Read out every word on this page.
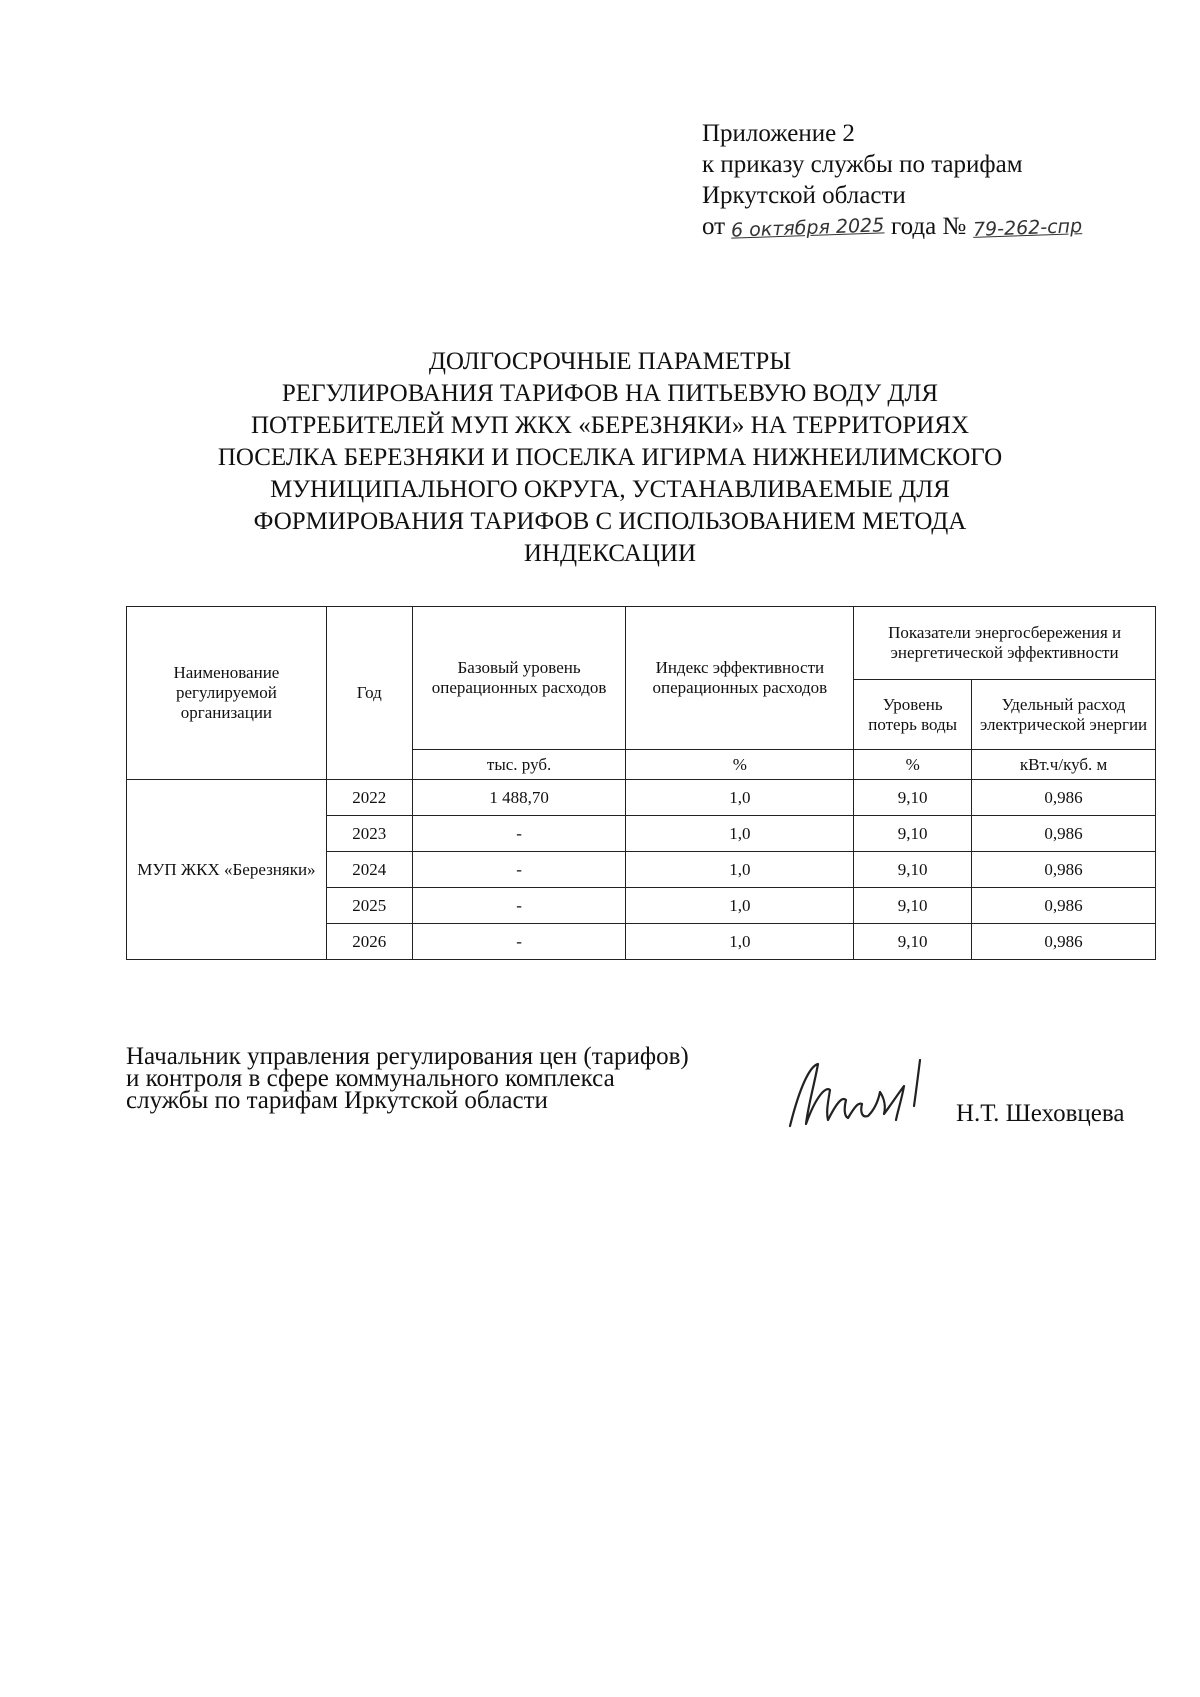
Приложение 2
к приказу службы по тарифам
Иркутской области
от 6 октября 2025 года № 79-262-спр
ДОЛГОСРОЧНЫЕ ПАРАМЕТРЫ
РЕГУЛИРОВАНИЯ ТАРИФОВ НА ПИТЬЕВУЮ ВОДУ ДЛЯ
ПОТРЕБИТЕЛЕЙ МУП ЖКХ «БЕРЕЗНЯКИ» НА ТЕРРИТОРИЯХ
ПОСЕЛКА БЕРЕЗНЯКИ И ПОСЕЛКА ИГИРМА НИЖНЕИЛИМСКОГО
МУНИЦИПАЛЬНОГО ОКРУГА, УСТАНАВЛИВАЕМЫЕ ДЛЯ
ФОРМИРОВАНИЯ ТАРИФОВ С ИСПОЛЬЗОВАНИЕМ МЕТОДА
ИНДЕКСАЦИИ
Наименование регулируемой организации	Год	Базовый уровень операционных расходов	Индекс эффективности операционных расходов	Показатели энергосбережения и энергетической эффективности	
				Уровень потерь воды	Удельный расход электрической энергии
		тыс. руб.	%	%	кВт.ч/куб. м
МУП ЖКХ «Березняки»	2022	1 488,70	1,0	9,10	0,986
	2023	-	1,0	9,10	0,986
	2024	-	1,0	9,10	0,986
	2025	-	1,0	9,10	0,986
	2026	-	1,0	9,10	0,986
Начальник управления регулирования цен (тарифов)
и контроля в сфере коммунального комплекса
службы по тарифам Иркутской области	Н.Т. Шеховцева
